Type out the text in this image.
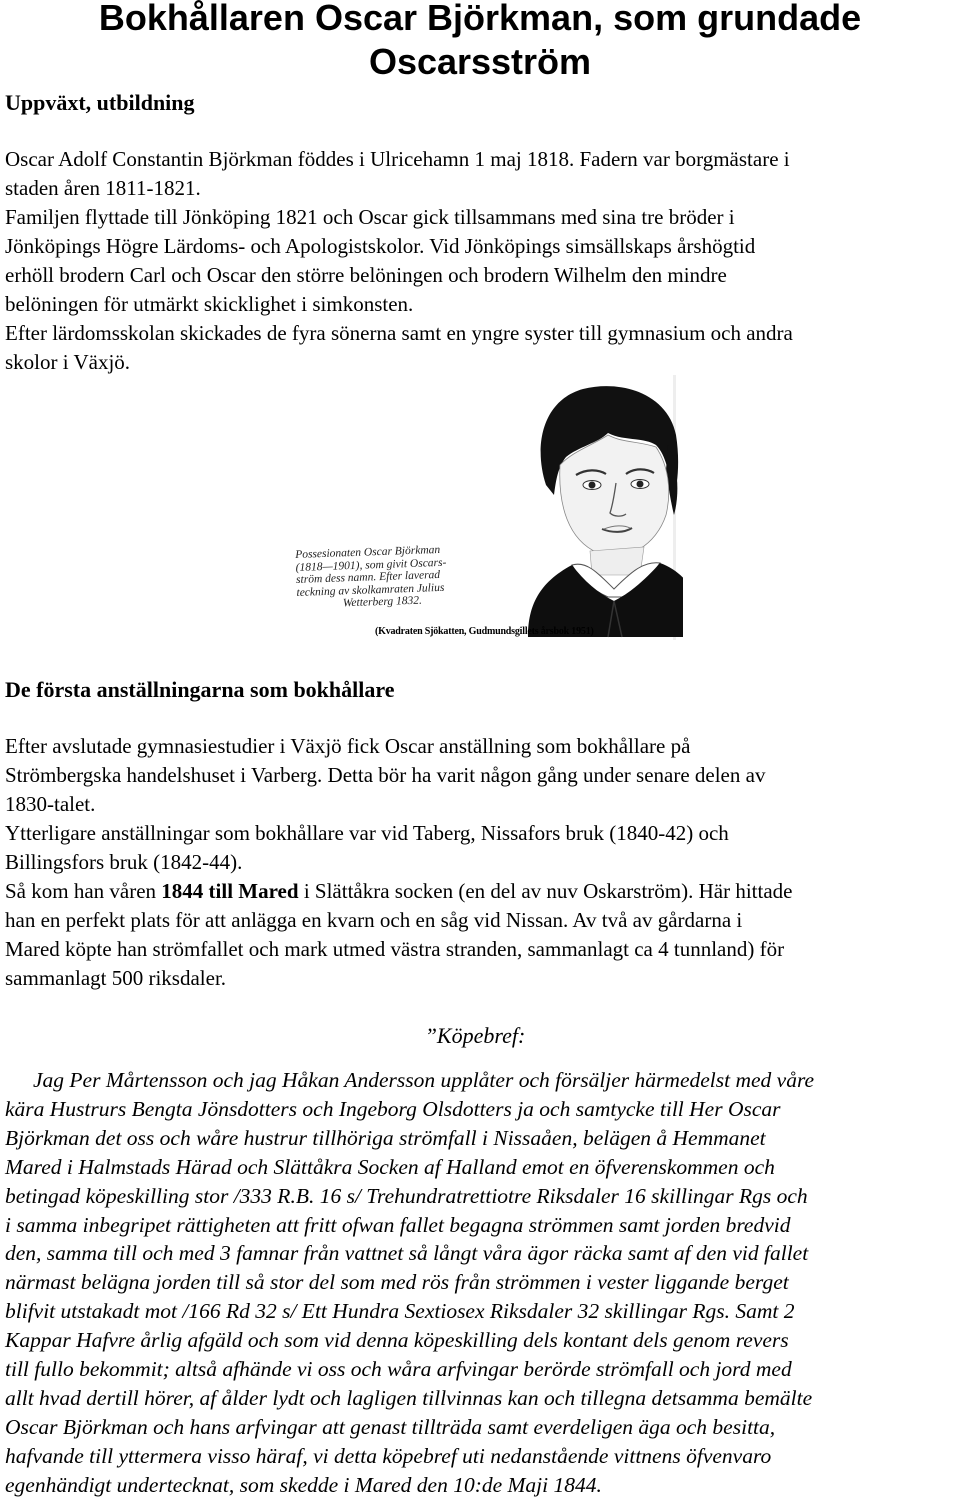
Bokhållaren Oscar Björkman, som grundade
Oscarsström
Uppväxt, utbildning
Oscar Adolf Constantin Björkman föddes i Ulricehamn 1 maj 1818. Fadern var borgmästare i
staden åren 1811-1821.
Familjen flyttade till Jönköping 1821 och Oscar gick tillsammans med sina tre bröder i
Jönköpings Högre Lärdoms- och Apologistskolor. Vid Jönköpings simsällskaps årshögtid
erhöll brodern Carl och Oscar den större belöningen och brodern Wilhelm den mindre
belöningen för utmärkt skicklighet i simkonsten.
Efter lärdomsskolan skickades de fyra sönerna samt en yngre syster till gymnasium och andra
skolor i Växjö.
Possesionaten Oscar Björkman
(1818—1901), som givit Oscars-
ström dess namn. Efter laverad
teckning av skolkamraten Julius
Wetterberg 1832.
(Kvadraten Sjökatten, Gudmundsgillets årsbok 1951)
De första anställningarna som bokhållare
Efter avslutade gymnasiestudier i Växjö fick Oscar anställning som bokhållare på
Strömbergska handelshuset i Varberg. Detta bör ha varit någon gång under senare delen av
1830-talet.
Ytterligare anställningar som bokhållare var vid Taberg, Nissafors bruk (1840-42) och
Billingsfors bruk (1842-44).
Så kom han våren 1844 till Mared i Slättåkra socken (en del av nuv Oskarström). Här hittade
han en perfekt plats för att anlägga en kvarn och en såg vid Nissan. Av två av gårdarna i
Mared köpte han strömfallet och mark utmed västra stranden, sammanlagt ca 4 tunnland) för
sammanlagt 500 riksdaler.
”Köpebref:
Jag Per Mårtensson och jag Håkan Andersson upplåter och försäljer härmedelst med våre
kära Hustrurs Bengta Jönsdotters och Ingeborg Olsdotters ja och samtycke till Her Oscar
Björkman det oss och wåre hustrur tillhöriga strömfall i Nissaåen, belägen å Hemmanet
Mared i Halmstads Härad och Slättåkra Socken af Halland emot en öfverenskommen och
betingad köpeskilling stor /333 R.B. 16 s/ Trehundratrettiotre Riksdaler 16 skillingar Rgs och
i samma inbegripet rättigheten att fritt ofwan fallet begagna strömmen samt jorden bredvid
den, samma till och med 3 famnar från vattnet så långt våra ägor räcka samt af den vid fallet
närmast belägna jorden till så stor del som med rös från strömmen i vester liggande berget
blifvit utstakadt mot /166 Rd 32 s/ Ett Hundra Sextiosex Riksdaler 32 skillingar Rgs. Samt 2
Kappar Hafvre årlig afgäld och som vid denna köpeskilling dels kontant dels genom revers
till fullo bekommit; altså afhände vi oss och wåra arfvingar berörde strömfall och jord med
allt hvad dertill hörer, af ålder lydt och lagligen tillvinnas kan och tillegna detsamma bemälte
Oscar Björkman och hans arfvingar att genast tillträda samt everdeligen äga och besitta,
hafvande till yttermera visso häraf, vi detta köpebref uti nedanstående vittnens öfvenvaro
egenhändigt undertecknat, som skedde i Mared den 10:de Maji 1844.
